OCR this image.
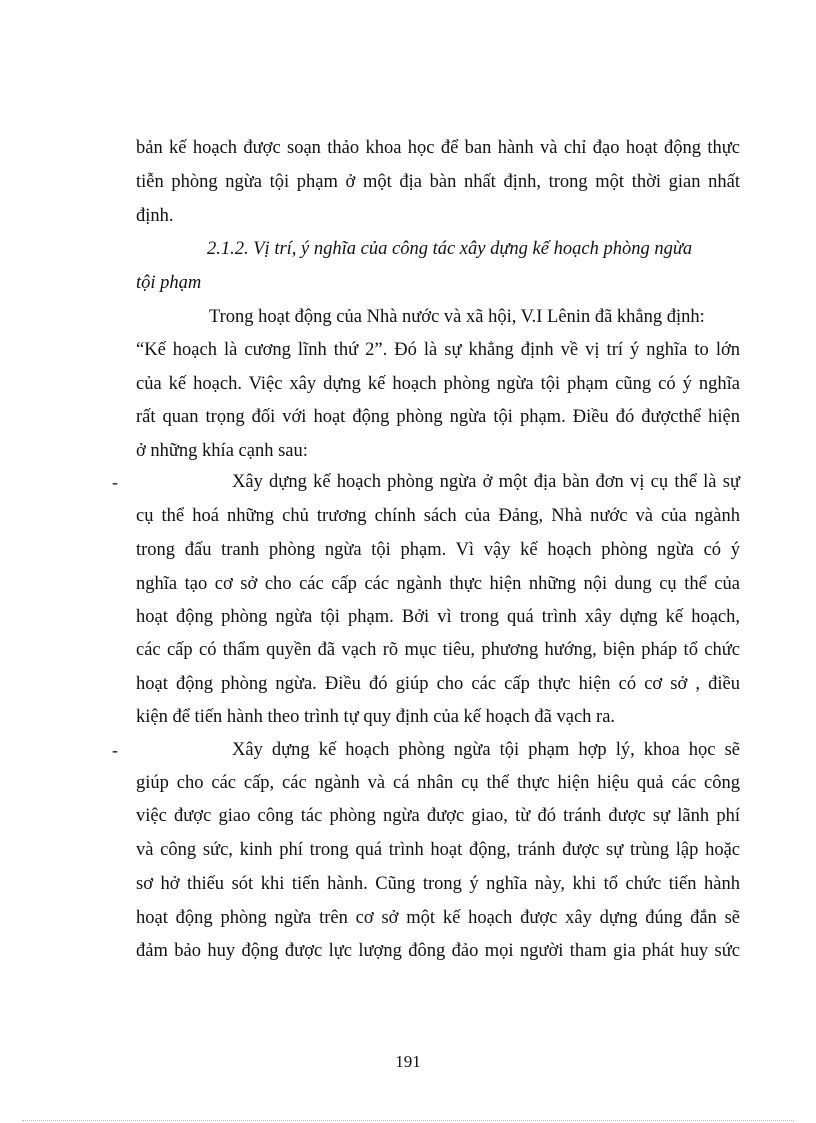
bản kế hoạch được soạn thảo khoa học để ban hành và chỉ đạo hoạt động thực
tiễn phòng ngừa tội phạm ở một địa bàn nhất định, trong một thời gian nhất
định.
2.1.2. Vị trí, ý nghĩa của công tác xây dựng kế hoạch phòng ngừa
tội phạm
Trong hoạt động của Nhà nước và xã hội, V.I Lênin đã khẳng định:
“Kế hoạch là cương lĩnh thứ 2”. Đó là sự khẳng định về vị trí ý nghĩa to lớn
của kế hoạch. Việc xây dựng kế hoạch phòng ngừa tội phạm cũng có ý nghĩa
rất quan trọng đối với hoạt động phòng ngừa tội phạm. Điều đó đượcthể hiện
ở những khía cạnh sau:
-	Xây dựng kế hoạch phòng ngừa ở một địa bàn đơn vị cụ thể là sự
cụ thể hoá những chủ trương chính sách của Đảng, Nhà nước và của ngành
trong đấu tranh phòng ngừa tội phạm. Vì vậy kế hoạch phòng ngừa có ý
nghĩa tạo cơ sở cho các cấp các ngành thực hiện những nội dung cụ thể của
hoạt động phòng ngừa tội phạm. Bởi vì trong quá trình xây dựng kế hoạch,
các cấp có thẩm quyền đã vạch rõ mục tiêu, phương hướng, biện pháp tổ chức
hoạt động phòng ngừa. Điều đó giúp cho các cấp thực hiện có cơ sở , điều
kiện để tiến hành theo trình tự quy định của kế hoạch đã vạch ra.
-	Xây dựng kế hoạch phòng ngừa tội phạm hợp lý, khoa học sẽ
giúp cho các cấp, các ngành và cá nhân cụ thể thực hiện hiệu quả các công
việc được giao công tác phòng ngừa được giao, từ đó tránh được sự lãnh phí
và công sức, kinh phí trong quá trình hoạt động, tránh được sự trùng lập hoặc
sơ hở thiếu sót khi tiến hành. Cũng trong ý nghĩa này, khi tổ chức tiến hành
hoạt động phòng ngừa trên cơ sở một kế hoạch được xây dựng đúng đắn sẽ
đảm bảo huy động được lực lượng đông đảo mọi người tham gia phát huy sức
191
